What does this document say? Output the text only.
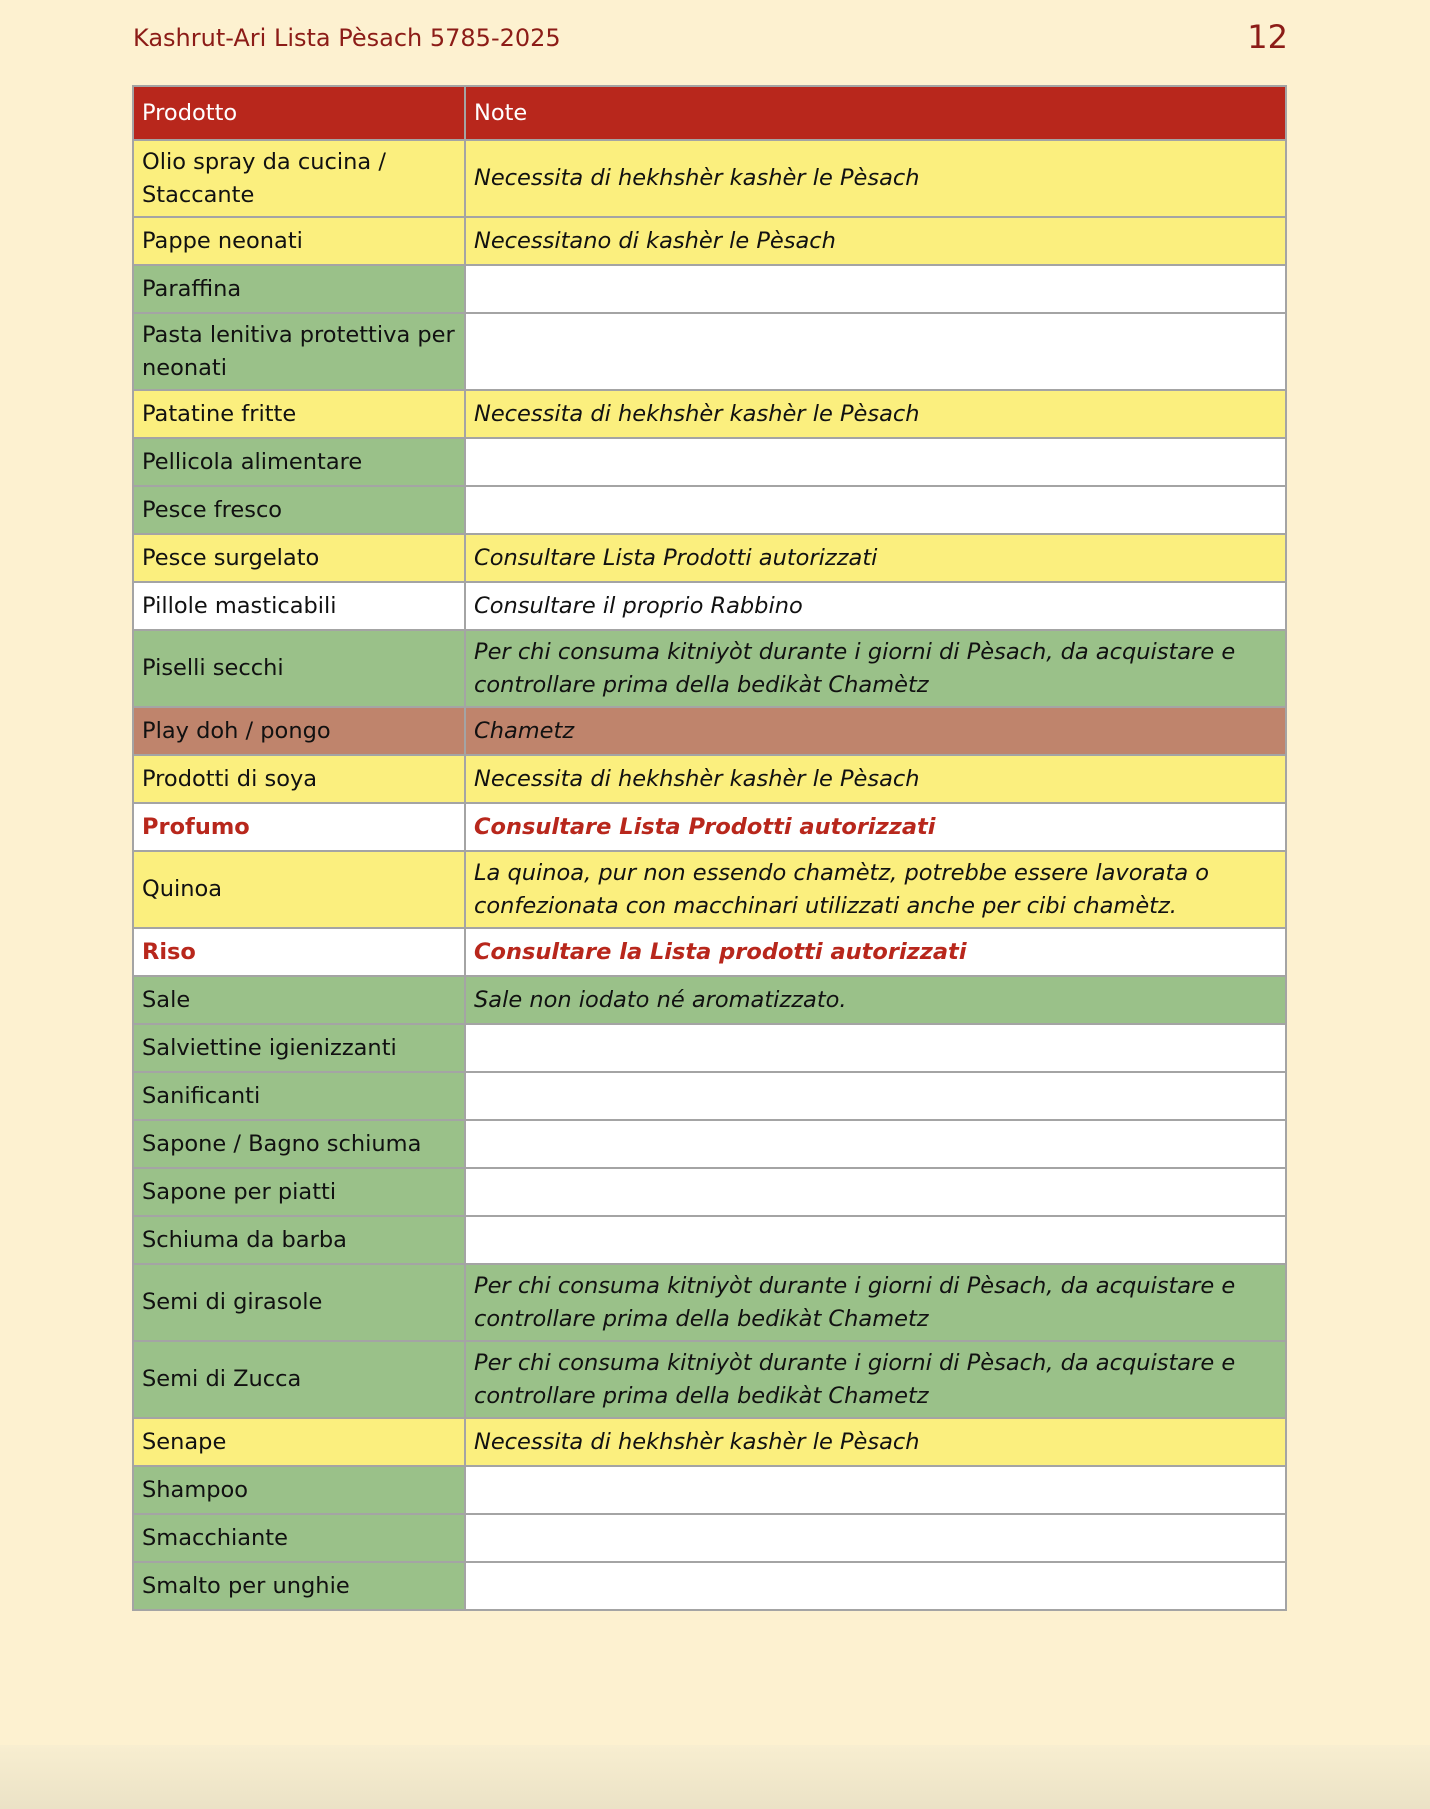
Kashrut-Ari Lista Pèsach 5785-2025	12
Prodotto	Note
Olio spray da cucina / Staccante	Necessita di hekhshèr kashèr le Pèsach
Pappe neonati	Necessitano di kashèr le Pèsach
Paraffina	
Pasta lenitiva protettiva per neonati	
Patatine fritte	Necessita di hekhshèr kashèr le Pèsach
Pellicola alimentare	
Pesce fresco	
Pesce surgelato	Consultare Lista Prodotti autorizzati
Pillole masticabili	Consultare il proprio Rabbino
Piselli secchi	Per chi consuma kitniyòt durante i giorni di Pèsach, da acquistare e controllare prima della bedikàt Chamètz
Play doh / pongo	Chametz
Prodotti di soya	Necessita di hekhshèr kashèr le Pèsach
Profumo	Consultare Lista Prodotti autorizzati
Quinoa	La quinoa, pur non essendo chamètz, potrebbe essere lavorata o confezionata con macchinari utilizzati anche per cibi chamètz.
Riso	Consultare la Lista prodotti autorizzati
Sale	Sale non iodato né aromatizzato.
Salviettine igienizzanti	
Sanificanti	
Sapone / Bagno schiuma	
Sapone per piatti	
Schiuma da barba	
Semi di girasole	Per chi consuma kitniyòt durante i giorni di Pèsach, da acquistare e controllare prima della bedikàt Chametz
Semi di Zucca	Per chi consuma kitniyòt durante i giorni di Pèsach, da acquistare e controllare prima della bedikàt Chametz
Senape	Necessita di hekhshèr kashèr le Pèsach
Shampoo	
Smacchiante	
Smalto per unghie	
